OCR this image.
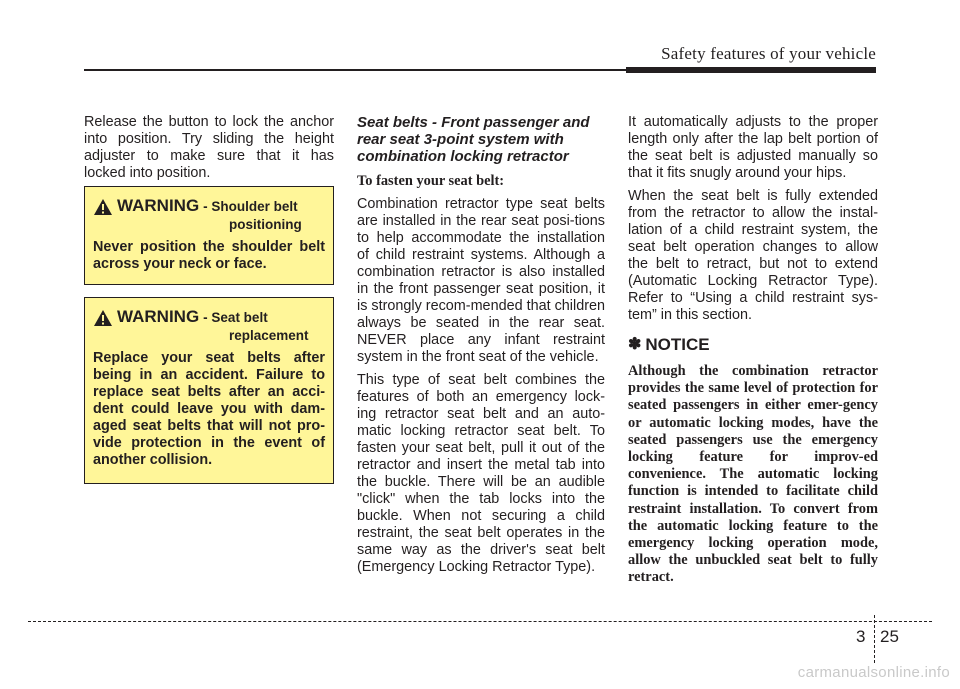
Safety features of your vehicle

Release the button to lock the anchor into position. Try sliding the height adjuster to make sure that it has locked into position.

WARNING - Shoulder belt
positioning
Never position the shoulder belt across your neck or face.
WARNING - Seat belt
replacement
Replace your seat belts after being in an accident. Failure to replace seat belts after an acci-dent could leave you with dam-aged seat belts that will not pro-vide protection in the event of another collision.
Seat belts - Front passenger and rear seat 3-point system with combination locking retractor
To fasten your seat belt:

Combination retractor type seat belts are installed in the rear seat posi-tions to help accommodate the installation of child restraint systems. Although a combination retractor is also installed in the front passenger seat position, it is strongly recom-mended that children always be seated in the rear seat. NEVER place any infant restraint system in the front seat of the vehicle.

This type of seat belt combines the features of both an emergency lock-ing retractor seat belt and an auto-matic locking retractor seat belt. To fasten your seat belt, pull it out of the retractor and insert the metal tab into the buckle. There will be an audible "click" when the tab locks into the buckle. When not securing a child restraint, the seat belt operates in the same way as the driver's seat belt (Emergency Locking Retractor Type).

It automatically adjusts to the proper length only after the lap belt portion of the seat belt is adjusted manually so that it fits snugly around your hips.

When the seat belt is fully extended from the retractor to allow the instal-lation of a child restraint system, the seat belt operation changes to allow the belt to retract, but not to extend (Automatic Locking Retractor Type). Refer to “Using a child restraint sys-tem” in this section.

✽ NOTICE

Although the combination retractor provides the same level of protection for seated passengers in either emer-gency or automatic locking modes, have the seated passengers use the emergency locking feature for improv-ed convenience. The automatic locking function is intended to facilitate child restraint installation. To convert from the automatic locking feature to the emergency locking operation mode, allow the unbuckled seat belt to fully retract.

3 25
carmanualsonline.info
